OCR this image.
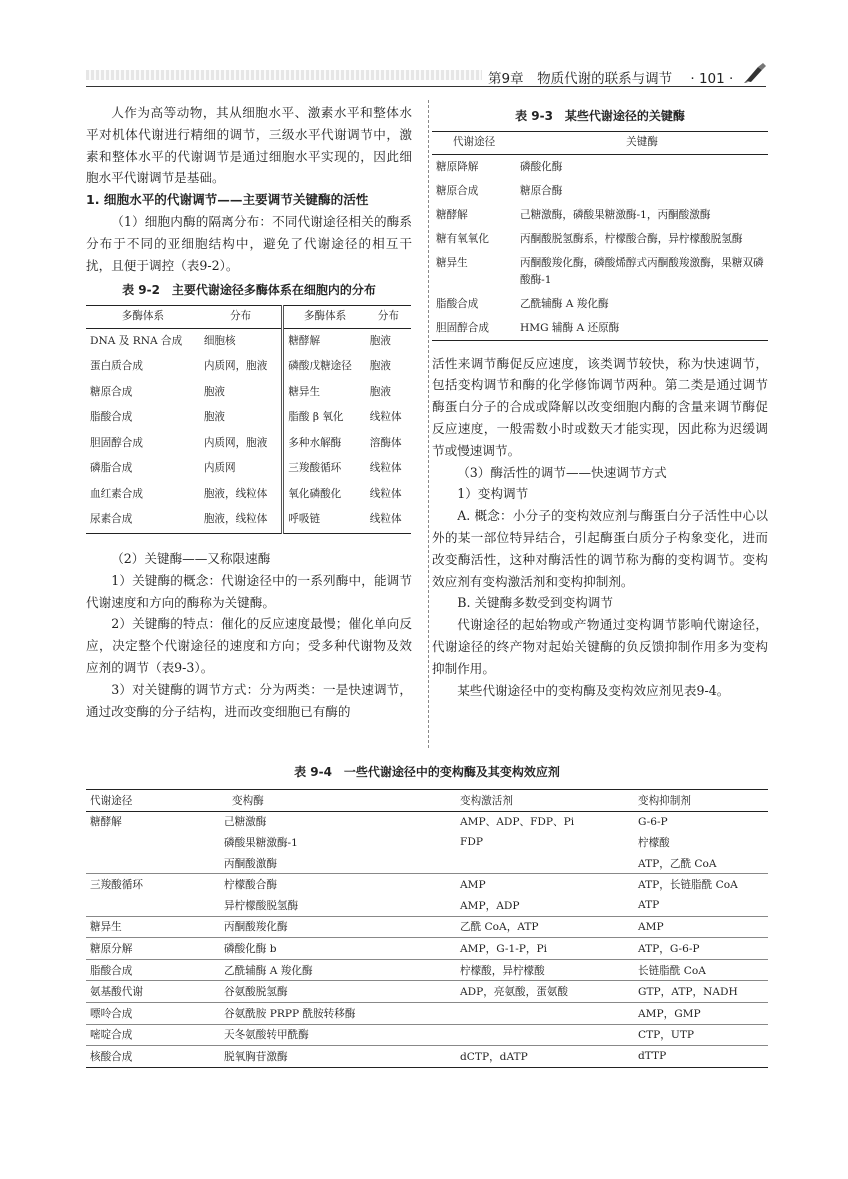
第9章　物质代谢的联系与调节 · 101 ·

人作为高等动物，其从细胞水平、激素水平和整体水平对机体代谢进行精细的调节，三级水平代谢调节中，激素和整体水平的代谢调节是通过细胞水平实现的，因此细胞水平代谢调节是基础。

1. 细胞水平的代谢调节——主要调节关键酶的活性

（1）细胞内酶的隔离分布：不同代谢途径相关的酶系分布于不同的亚细胞结构中，避免了代谢途径的相互干扰，且便于调控（表9-2）。

表 9-2　主要代谢途径多酶体系在细胞内的分布
多酶体系	分布	多酶体系	分布
DNA 及 RNA 合成	细胞核	糖酵解	胞液
蛋白质合成	内质网，胞液	磷酸戊糖途径	胞液
糖原合成	胞液	糖异生	胞液
脂酸合成	胞液	脂酸 β 氧化	线粒体
胆固醇合成	内质网，胞液	多种水解酶	溶酶体
磷脂合成	内质网	三羧酸循环	线粒体
血红素合成	胞液，线粒体	氧化磷酸化	线粒体
尿素合成	胞液，线粒体	呼吸链	线粒体

（2）关键酶——又称限速酶

1）关键酶的概念：代谢途径中的一系列酶中，能调节代谢速度和方向的酶称为关键酶。

2）关键酶的特点：催化的反应速度最慢；催化单向反应，决定整个代谢途径的速度和方向；受多种代谢物及效应剂的调节（表9-3）。

3）对关键酶的调节方式：分为两类：一是快速调节，通过改变酶的分子结构，进而改变细胞已有酶的

表 9-3　某些代谢途径的关键酶
代谢途径	关键酶
糖原降解	磷酸化酶
糖原合成	糖原合酶
糖酵解	己糖激酶，磷酸果糖激酶-1，丙酮酸激酶
糖有氧氧化	丙酮酸脱氢酶系，柠檬酸合酶，异柠檬酸脱氢酶
糖异生	丙酮酸羧化酶，磷酸烯醇式丙酮酸羧激酶，果糖双磷酸酶-1
脂酸合成	乙酰辅酶 A 羧化酶
胆固醇合成	HMG 辅酶 A 还原酶

活性来调节酶促反应速度，该类调节较快，称为快速调节，包括变构调节和酶的化学修饰调节两种。第二类是通过调节酶蛋白分子的合成或降解以改变细胞内酶的含量来调节酶促反应速度，一般需数小时或数天才能实现，因此称为迟缓调节或慢速调节。

（3）酶活性的调节——快速调节方式

1）变构调节

A. 概念：小分子的变构效应剂与酶蛋白分子活性中心以外的某一部位特异结合，引起酶蛋白质分子构象变化，进而改变酶活性，这种对酶活性的调节称为酶的变构调节。变构效应剂有变构激活剂和变构抑制剂。

B. 关键酶多数受到变构调节

代谢途径的起始物或产物通过变构调节影响代谢途径，代谢途径的终产物对起始关键酶的负反馈抑制作用多为变构抑制作用。

某些代谢途径中的变构酶及变构效应剂见表9-4。

表 9-4　一些代谢途径中的变构酶及其变构效应剂
代谢途径	变构酶	变构激活剂	变构抑制剂
糖酵解	己糖激酶	AMP、ADP、FDP、Pi	G-6-P
	磷酸果糖激酶-1	FDP	柠檬酸
	丙酮酸激酶		ATP，乙酰 CoA
三羧酸循环	柠檬酸合酶	AMP	ATP，长链脂酰 CoA
	异柠檬酸脱氢酶	AMP，ADP	ATP
糖异生	丙酮酸羧化酶	乙酰 CoA，ATP	AMP
糖原分解	磷酸化酶 b	AMP，G-1-P，Pi	ATP，G-6-P
脂酸合成	乙酰辅酶 A 羧化酶	柠檬酸，异柠檬酸	长链脂酰 CoA
氨基酸代谢	谷氨酸脱氢酶	ADP，亮氨酸，蛋氨酸	GTP，ATP，NADH
嘌呤合成	谷氨酰胺 PRPP 酰胺转移酶		AMP，GMP
嘧啶合成	天冬氨酸转甲酰酶		CTP，UTP
核酸合成	脱氧胸苷激酶	dCTP，dATP	dTTP
